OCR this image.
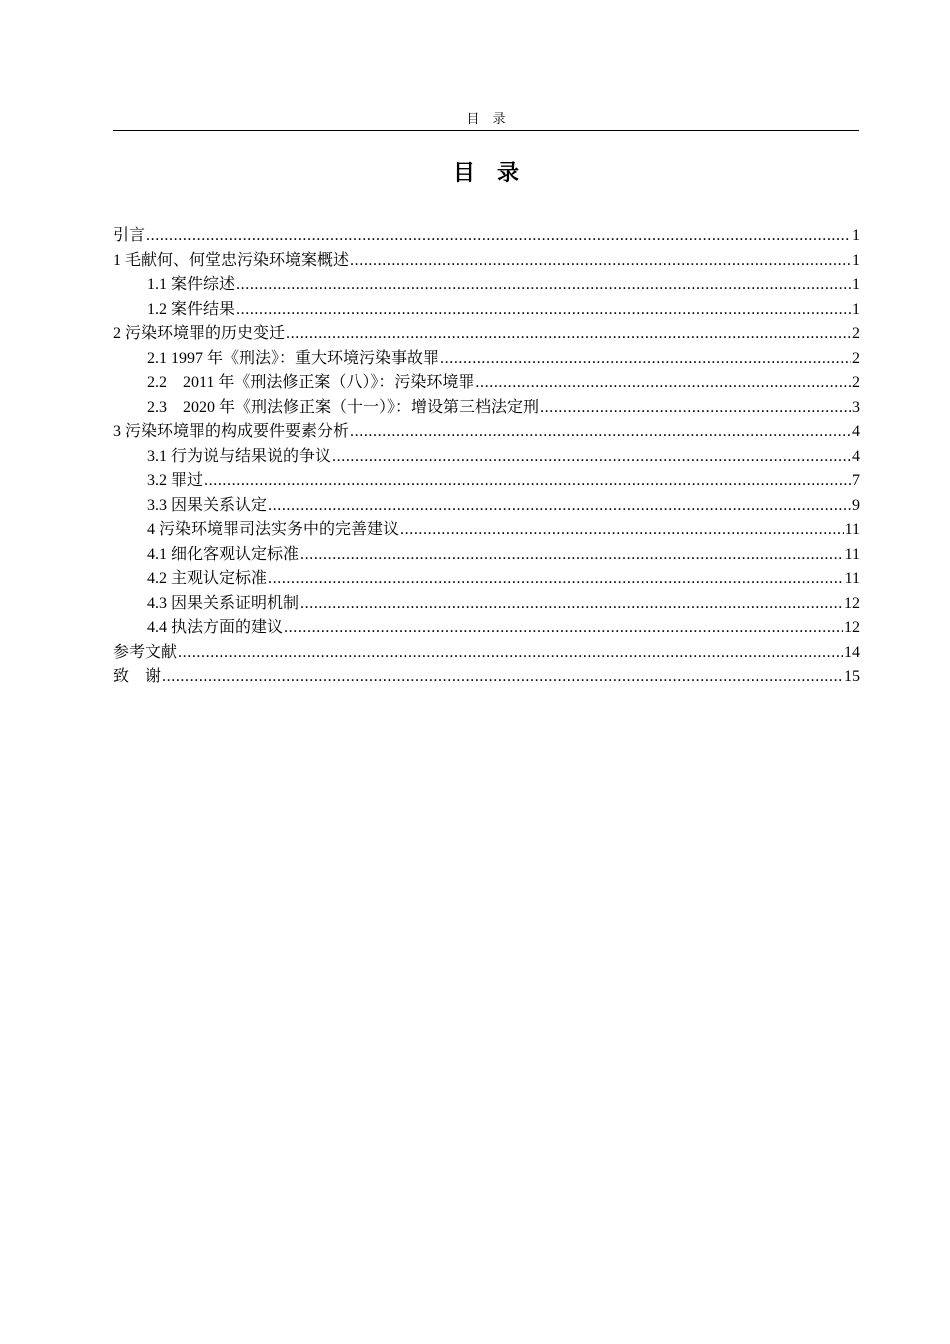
目　录
目　录
引言 .....	1
1 毛献何、何堂忠污染环境案概述 .....	1
1.1 案件综述 .....	1
1.2 案件结果 .....	1
2 污染环境罪的历史变迁 .....	2
2.1 1997 年《刑法》：重大环境污染事故罪 .....	2
2.2    2011 年《刑法修正案（八）》：污染环境罪 .....	2
2.3    2020 年《刑法修正案（十一）》：增设第三档法定刑 .....	3
3 污染环境罪的构成要件要素分析 .....	4
3.1 行为说与结果说的争议 .....	4
3.2 罪过 .....	7
3.3 因果关系认定 .....	9
4 污染环境罪司法实务中的完善建议 .....	11
4.1 细化客观认定标准 .....	11
4.2 主观认定标准 .....	11
4.3 因果关系证明机制 .....	12
4.4 执法方面的建议 .....	12
参考文献 .....	14
致　谢 .....	15
